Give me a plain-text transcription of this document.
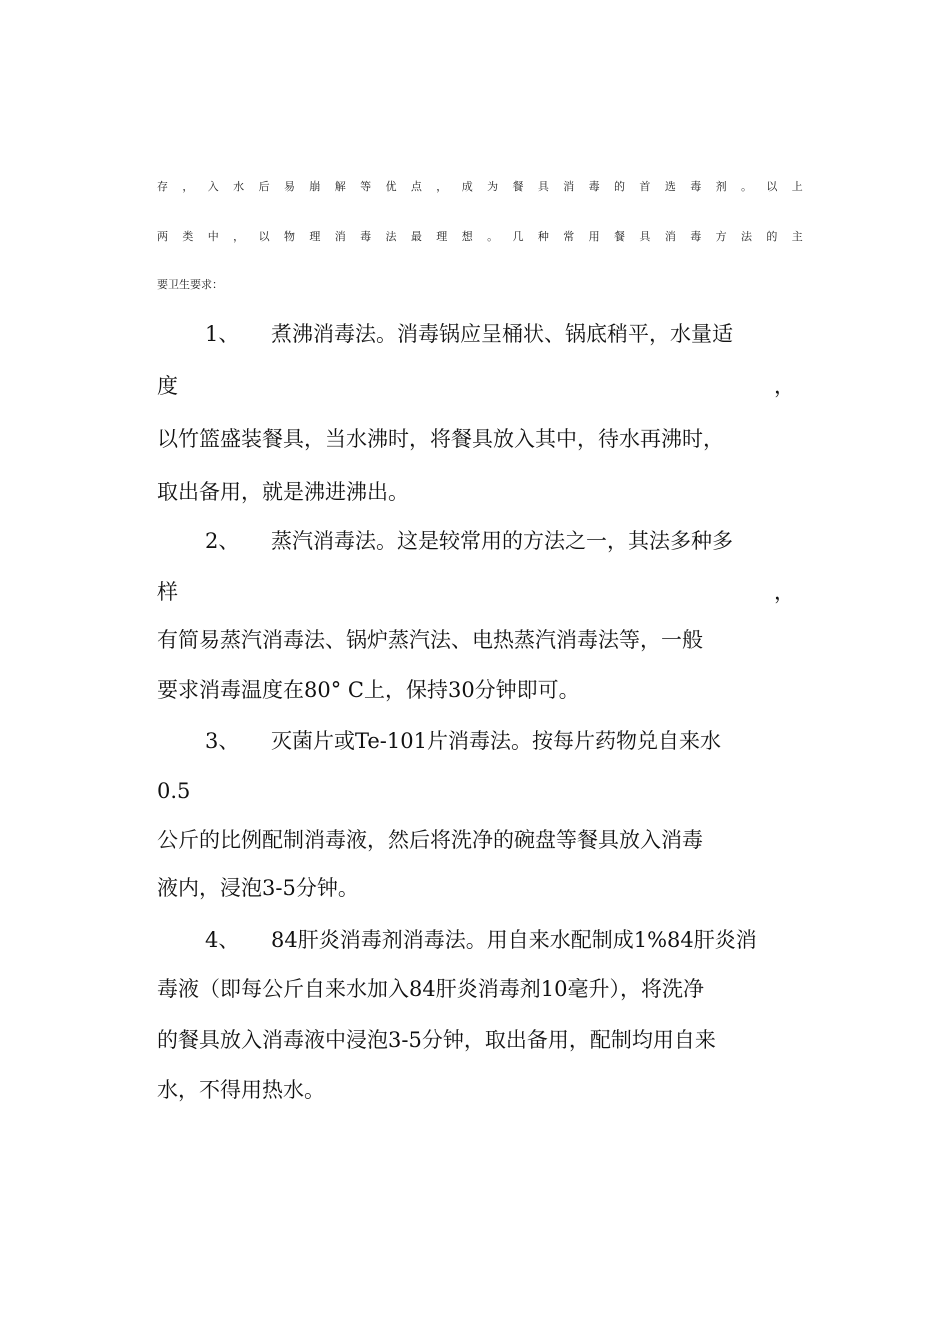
存 ， 入 水 后 易 崩 解 等 优 点 ， 成 为 餐 具 消 毒 的 首 选 毒 剂 。 以 上
两 类 中 ， 以 物 理 消 毒 法 最 理 想 。 几 种 常 用 餐 具 消 毒 方 法 的 主
要卫生要求：
1、 煮沸消毒法。消毒锅应呈桶状、锅底稍平，水量适
度	，
以竹篮盛装餐具，当水沸时，将餐具放入其中，待水再沸时，
取出备用，就是沸进沸出。
2、 蒸汽消毒法。这是较常用的方法之一，其法多种多
样	，
有简易蒸汽消毒法、锅炉蒸汽法、电热蒸汽消毒法等，一般
要求消毒温度在80° C上，保持30分钟即可。
3、 灭菌片或Te-101片消毒法。按每片药物兑自来水
0.5
公斤的比例配制消毒液，然后将洗净的碗盘等餐具放入消毒
液内，浸泡3-5分钟。
4、 84肝炎消毒剂消毒法。用自来水配制成1%84肝炎消
毒液（即每公斤自来水加入84肝炎消毒剂10毫升），将洗净
的餐具放入消毒液中浸泡3-5分钟，取出备用，配制均用自来
水，不得用热水。
